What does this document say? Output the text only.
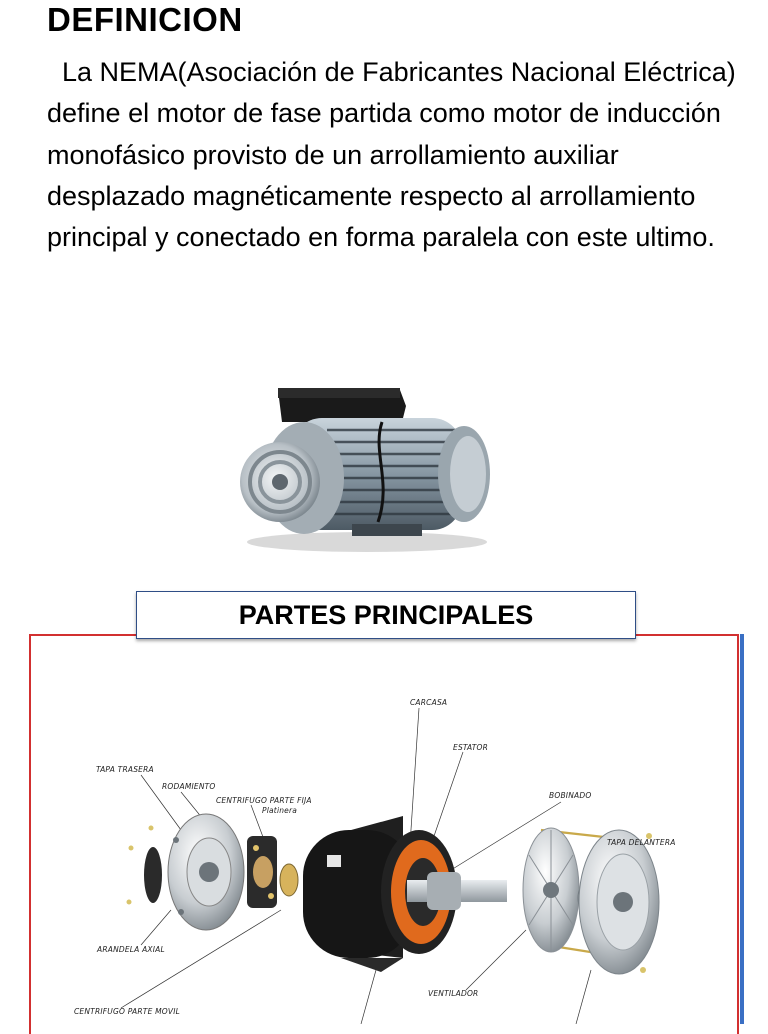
DEFINICION
La NEMA(Asociación de Fabricantes Nacional Eléctrica) define el motor de fase partida como motor de inducción monofásico provisto de un arrollamiento auxiliar desplazado magnéticamente respecto al arrollamiento principal y conectado en forma paralela con este ultimo.
PARTES PRINCIPALES
CARCASA
ESTATOR
TAPA TRASERA
RODAMIENTO
CENTRIFUGO PARTE FIJA
Platinera
BOBINADO
TAPA DELANTERA
ARANDELA AXIAL
VENTILADOR
CENTRIFUGO PARTE MOVIL
